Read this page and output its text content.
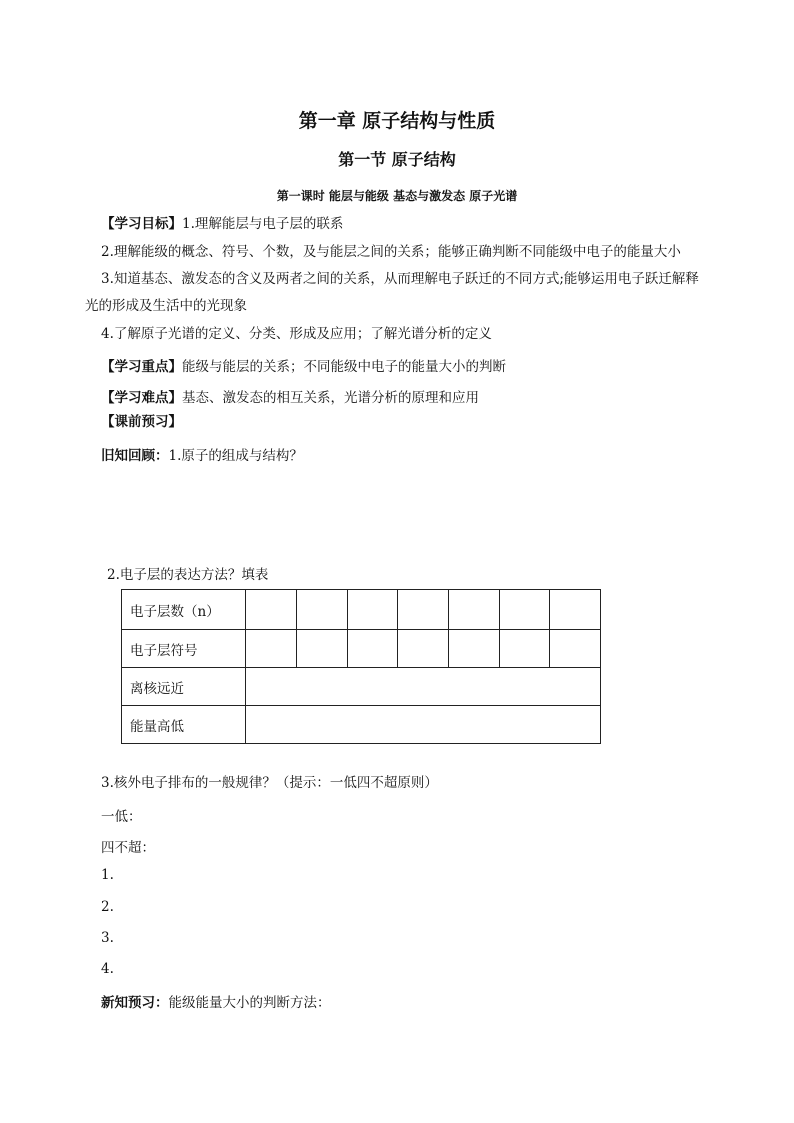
第一章 原子结构与性质
第一节 原子结构
第一课时 能层与能级 基态与激发态 原子光谱
【学习目标】1.理解能层与电子层的联系
2.理解能级的概念、符号、个数，及与能层之间的关系；能够正确判断不同能级中电子的能量大小
3.知道基态、激发态的含义及两者之间的关系，从而理解电子跃迁的不同方式;能够运用电子跃迁解释
光的形成及生活中的光现象
4.了解原子光谱的定义、分类、形成及应用；了解光谱分析的定义
【学习重点】能级与能层的关系；不同能级中电子的能量大小的判断
【学习难点】基态、激发态的相互关系，光谱分析的原理和应用
【课前预习】
旧知回顾：1.原子的组成与结构？
2.电子层的表达方法？填表
电子层数（n）							
电子层符号							
离核远近							
能量高低							
3.核外电子排布的一般规律？（提示：一低四不超原则）
一低：
四不超：
1.
2.
3.
4.
新知预习：能级能量大小的判断方法：
